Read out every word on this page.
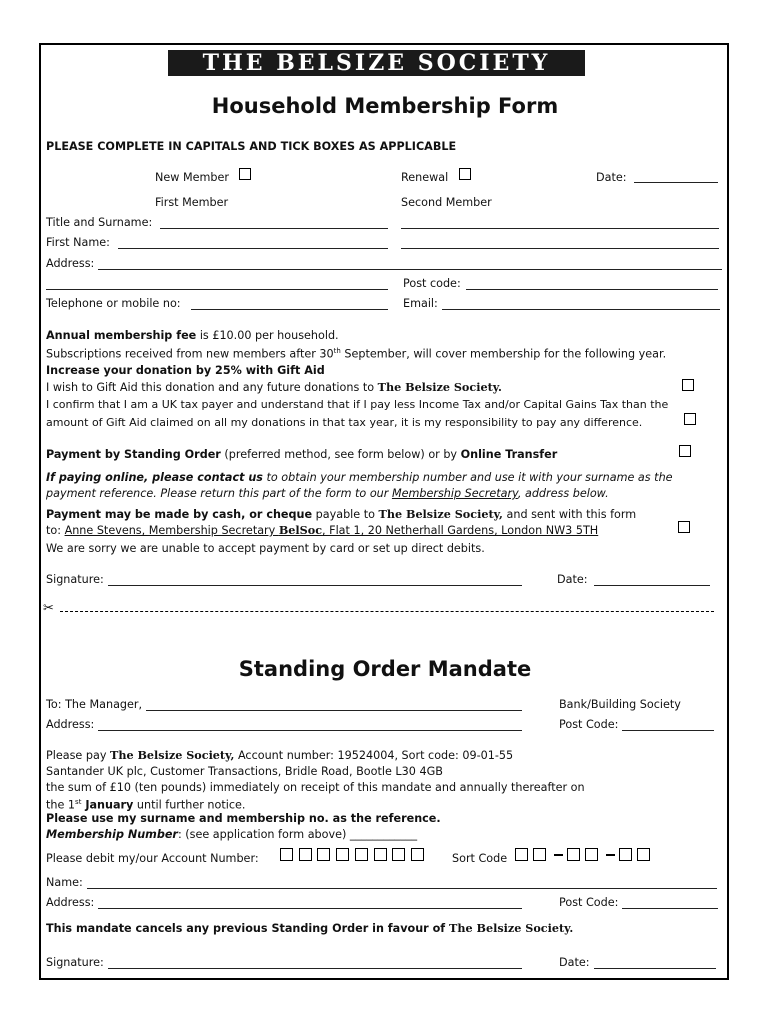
THE BELSIZE SOCIETY
Household Membership Form
PLEASE COMPLETE IN CAPITALS AND TICK BOXES AS APPLICABLE
New Member	Renewal	Date:
First Member	Second Member
Title and Surname:
First Name:
Address:
Post code:
Telephone or mobile no:	Email:
Annual membership fee is £10.00 per household.
Subscriptions received from new members after 30th September, will cover membership for the following year.
Increase your donation by 25% with Gift Aid
I wish to Gift Aid this donation and any future donations to The Belsize Society.
I confirm that I am a UK tax payer and understand that if I pay less Income Tax and/or Capital Gains Tax than the
amount of Gift Aid claimed on all my donations in that tax year, it is my responsibility to pay any difference.
Payment by Standing Order (preferred method, see form below) or by Online Transfer
If paying online, please contact us to obtain your membership number and use it with your surname as the
payment reference. Please return this part of the form to our Membership Secretary, address below.
Payment may be made by cash, or cheque payable to The Belsize Society, and sent with this form
to: Anne Stevens, Membership Secretary BelSoc, Flat 1, 20 Netherhall Gardens, London NW3 5TH
We are sorry we are unable to accept payment by card or set up direct debits.
Signature:	Date:
✂
Standing Order Mandate
To: The Manager,	Bank/Building Society
Address:	Post Code:
Please pay The Belsize Society, Account number: 19524004, Sort code: 09-01-55
Santander UK plc, Customer Transactions, Bridle Road, Bootle L30 4GB
the sum of £10 (ten pounds) immediately on receipt of this mandate and annually thereafter on
the 1st January until further notice.
Please use my surname and membership no. as the reference.
Membership Number: (see application form above) ____________
Please debit my/our Account Number:	Sort Code
Name:
Address:	Post Code:
This mandate cancels any previous Standing Order in favour of The Belsize Society.
Signature:	Date:
